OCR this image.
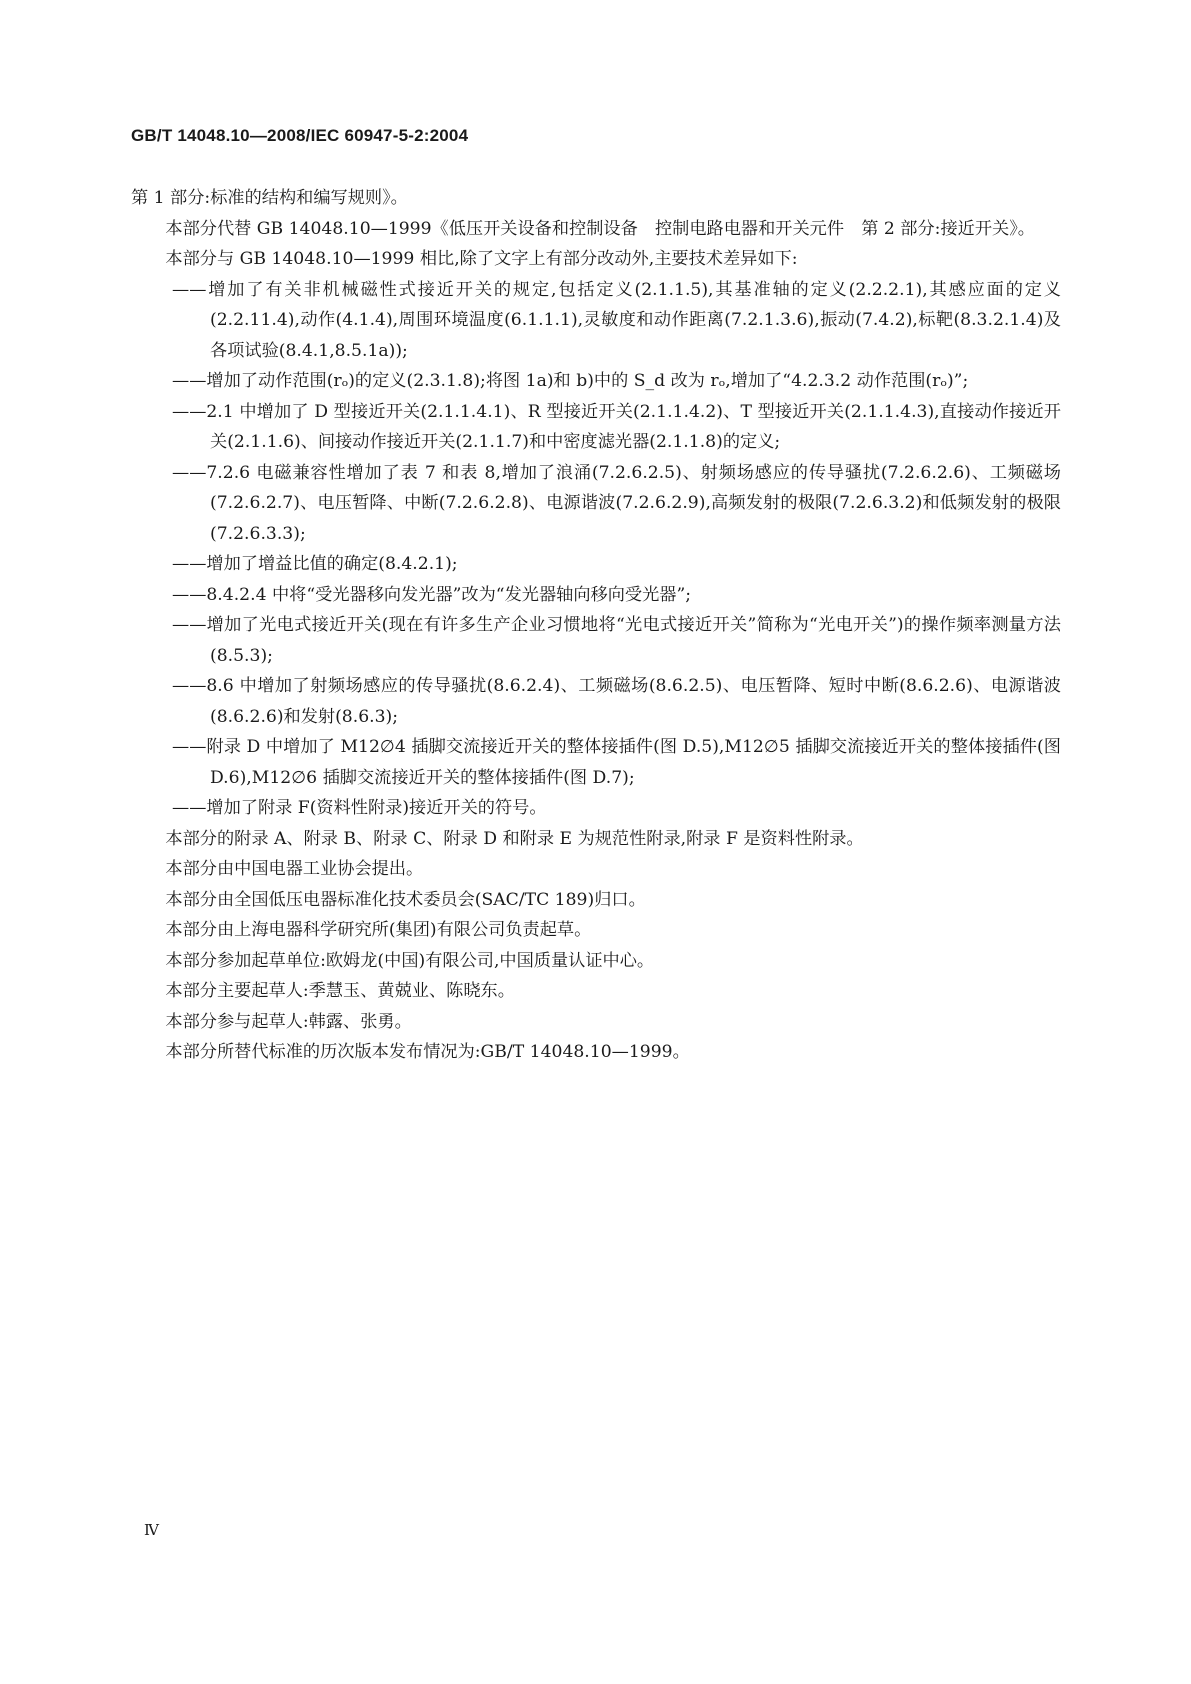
GB/T 14048.10—2008/IEC 60947-5-2:2004

第 1 部分:标准的结构和编写规则》。

本部分代替 GB 14048.10—1999《低压开关设备和控制设备　控制电路电器和开关元件　第 2 部分:接近开关》。

本部分与 GB 14048.10—1999 相比,除了文字上有部分改动外,主要技术差异如下:

——增加了有关非机械磁性式接近开关的规定,包括定义(2.1.1.5),其基准轴的定义(2.2.2.1),其感应面的定义(2.2.11.4),动作(4.1.4),周围环境温度(6.1.1.1),灵敏度和动作距离(7.2.1.3.6),振动(7.4.2),标靶(8.3.2.1.4)及各项试验(8.4.1,8.5.1a));

——增加了动作范围(rₒ)的定义(2.3.1.8);将图 1a)和 b)中的 S_d 改为 rₒ,增加了“4.2.3.2 动作范围(rₒ)”;

——2.1 中增加了 D 型接近开关(2.1.1.4.1)、R 型接近开关(2.1.1.4.2)、T 型接近开关(2.1.1.4.3),直接动作接近开关(2.1.1.6)、间接动作接近开关(2.1.1.7)和中密度滤光器(2.1.1.8)的定义;

——7.2.6 电磁兼容性增加了表 7 和表 8,增加了浪涌(7.2.6.2.5)、射频场感应的传导骚扰(7.2.6.2.6)、工频磁场(7.2.6.2.7)、电压暂降、中断(7.2.6.2.8)、电源谐波(7.2.6.2.9),高频发射的极限(7.2.6.3.2)和低频发射的极限(7.2.6.3.3);

——增加了增益比值的确定(8.4.2.1);

——8.4.2.4 中将“受光器移向发光器”改为“发光器轴向移向受光器”;

——增加了光电式接近开关(现在有许多生产企业习惯地将“光电式接近开关”简称为“光电开关”)的操作频率测量方法(8.5.3);

——8.6 中增加了射频场感应的传导骚扰(8.6.2.4)、工频磁场(8.6.2.5)、电压暂降、短时中断(8.6.2.6)、电源谐波(8.6.2.6)和发射(8.6.3);

——附录 D 中增加了 M12∅4 插脚交流接近开关的整体接插件(图 D.5),M12∅5 插脚交流接近开关的整体接插件(图 D.6),M12∅6 插脚交流接近开关的整体接插件(图 D.7);

——增加了附录 F(资料性附录)接近开关的符号。

本部分的附录 A、附录 B、附录 C、附录 D 和附录 E 为规范性附录,附录 F 是资料性附录。

本部分由中国电器工业协会提出。

本部分由全国低压电器标准化技术委员会(SAC/TC 189)归口。

本部分由上海电器科学研究所(集团)有限公司负责起草。

本部分参加起草单位:欧姆龙(中国)有限公司,中国质量认证中心。

本部分主要起草人:季慧玉、黄兢业、陈晓东。

本部分参与起草人:韩露、张勇。

本部分所替代标准的历次版本发布情况为:GB/T 14048.10—1999。

Ⅳ
